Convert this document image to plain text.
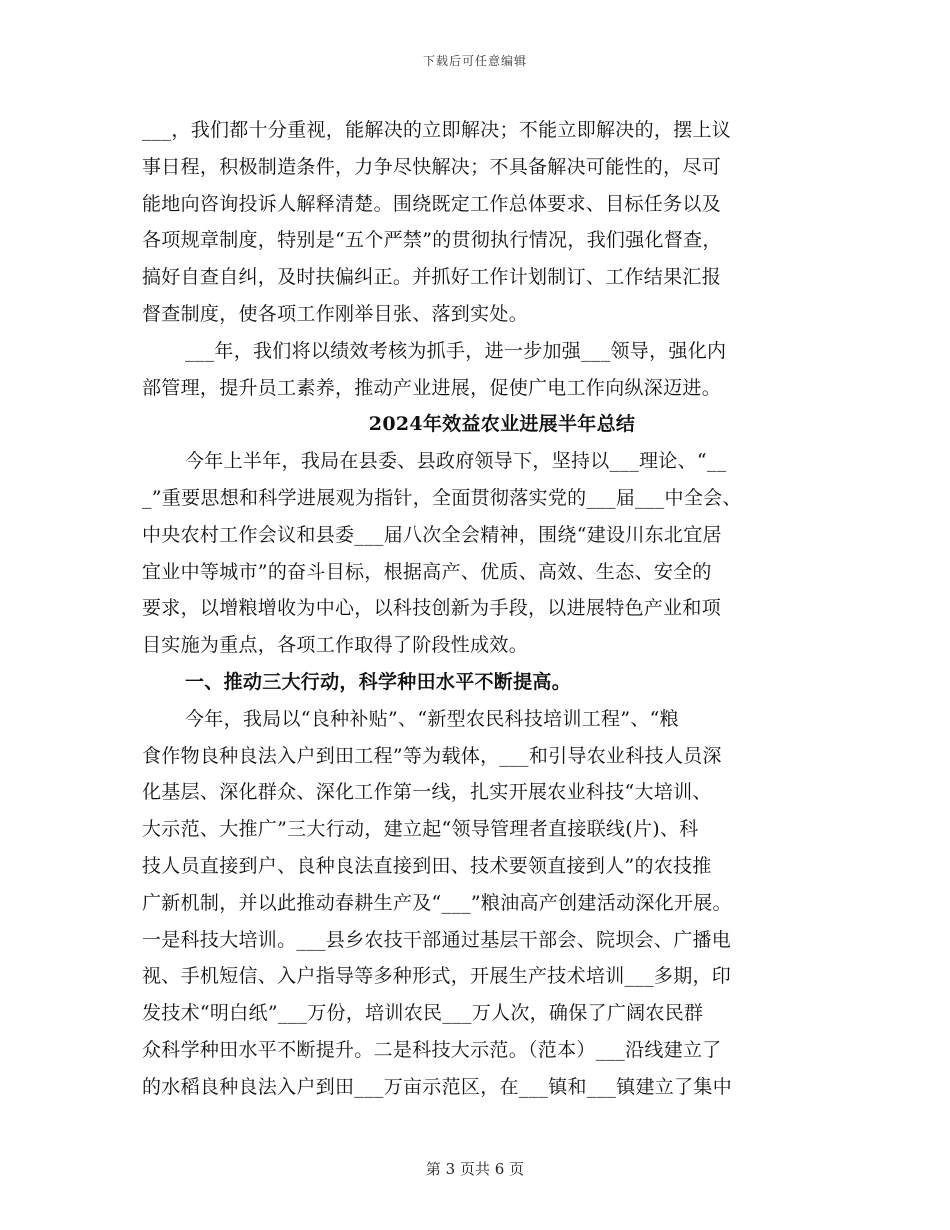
下载后可任意编辑
___，我们都十分重视，能解决的立即解决；不能立即解决的，摆上议
事日程，积极制造条件，力争尽快解决；不具备解决可能性的，尽可
能地向咨询投诉人解释清楚。围绕既定工作总体要求、目标任务以及
各项规章制度，特别是“五个严禁”的贯彻执行情况，我们强化督查，
搞好自查自纠，及时扶偏纠正。并抓好工作计划制订、工作结果汇报
督查制度，使各项工作刚举目张、落到实处。
___年，我们将以绩效考核为抓手，进一步加强___领导，强化内
部管理，提升员工素养，推动产业进展，促使广电工作向纵深迈进。
2024年效益农业进展半年总结
今年上半年，我局在县委、县政府领导下，坚持以___理论、“__
_”重要思想和科学进展观为指针，全面贯彻落实党的___届___中全会、
中央农村工作会议和县委___届八次全会精神，围绕“建设川东北宜居
宜业中等城市”的奋斗目标，根据高产、优质、高效、生态、安全的
要求，以增粮增收为中心，以科技创新为手段，以进展特色产业和项
目实施为重点，各项工作取得了阶段性成效。
一、推动三大行动，科学种田水平不断提高。
今年，我局以“良种补贴”、“新型农民科技培训工程”、“粮
食作物良种良法入户到田工程”等为载体，___和引导农业科技人员深
化基层、深化群众、深化工作第一线，扎实开展农业科技“大培训、
大示范、大推广”三大行动，建立起“领导管理者直接联线(片)、科
技人员直接到户、良种良法直接到田、技术要领直接到人”的农技推
广新机制，并以此推动春耕生产及“___”粮油高产创建活动深化开展。
一是科技大培训。___县乡农技干部通过基层干部会、院坝会、广播电
视、手机短信、入户指导等多种形式，开展生产技术培训___多期，印
发技术“明白纸”___万份，培训农民___万人次，确保了广阔农民群
众科学种田水平不断提升。二是科技大示范。（范本）___沿线建立了
的水稻良种良法入户到田___万亩示范区，在___镇和___镇建立了集中
第 3 页共 6 页
